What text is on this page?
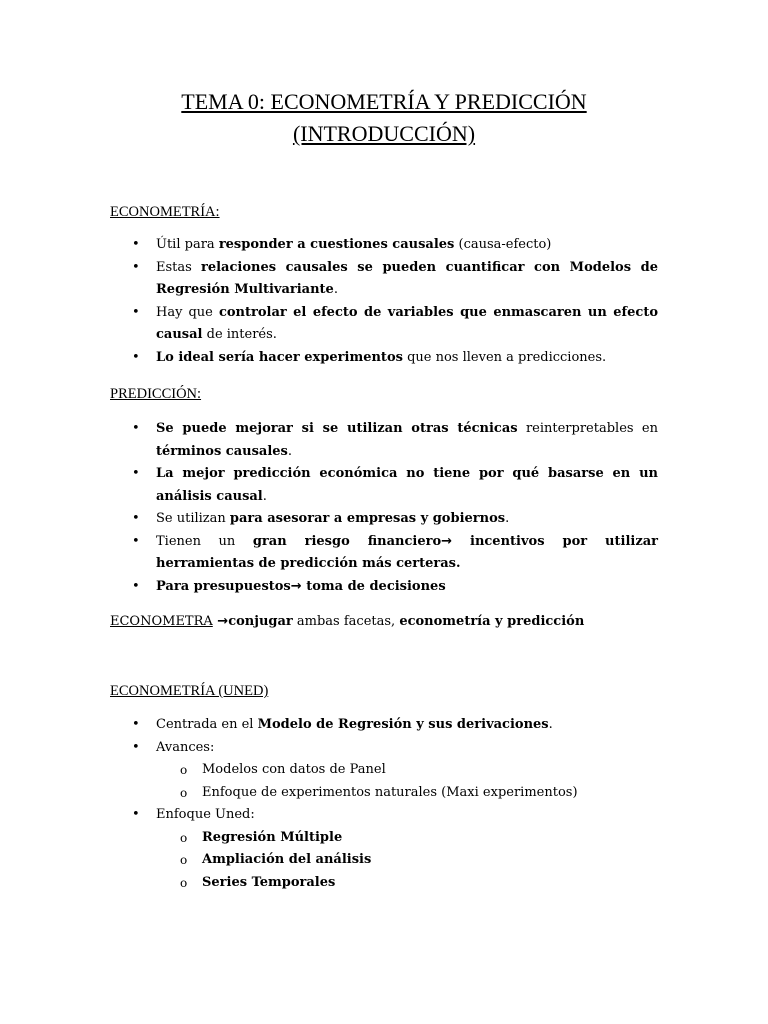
TEMA 0: ECONOMETRÍA Y PREDICCIÓN
(INTRODUCCIÓN)
ECONOMETRÍA:
• Útil para responder a cuestiones causales (causa-efecto)
• Estas relaciones causales se pueden cuantificar con Modelos de Regresión Multivariante.
• Hay que controlar el efecto de variables que enmascaren un efecto causal de interés.
• Lo ideal sería hacer experimentos que nos lleven a predicciones.
PREDICCIÓN:
• Se puede mejorar si se utilizan otras técnicas reinterpretables en términos causales.
• La mejor predicción económica no tiene por qué basarse en un análisis causal.
• Se utilizan para asesorar a empresas y gobiernos.
• Tienen un gran riesgo financiero→ incentivos por utilizar herramientas de predicción más certeras.
• Para presupuestos→ toma de decisiones
ECONOMETRA →conjugar ambas facetas, econometría y predicción
ECONOMETRÍA (UNED)
• Centrada en el Modelo de Regresión y sus derivaciones.
• Avances:
o Modelos con datos de Panel
o Enfoque de experimentos naturales (Maxi experimentos)
• Enfoque Uned:
o Regresión Múltiple
o Ampliación del análisis
o Series Temporales
